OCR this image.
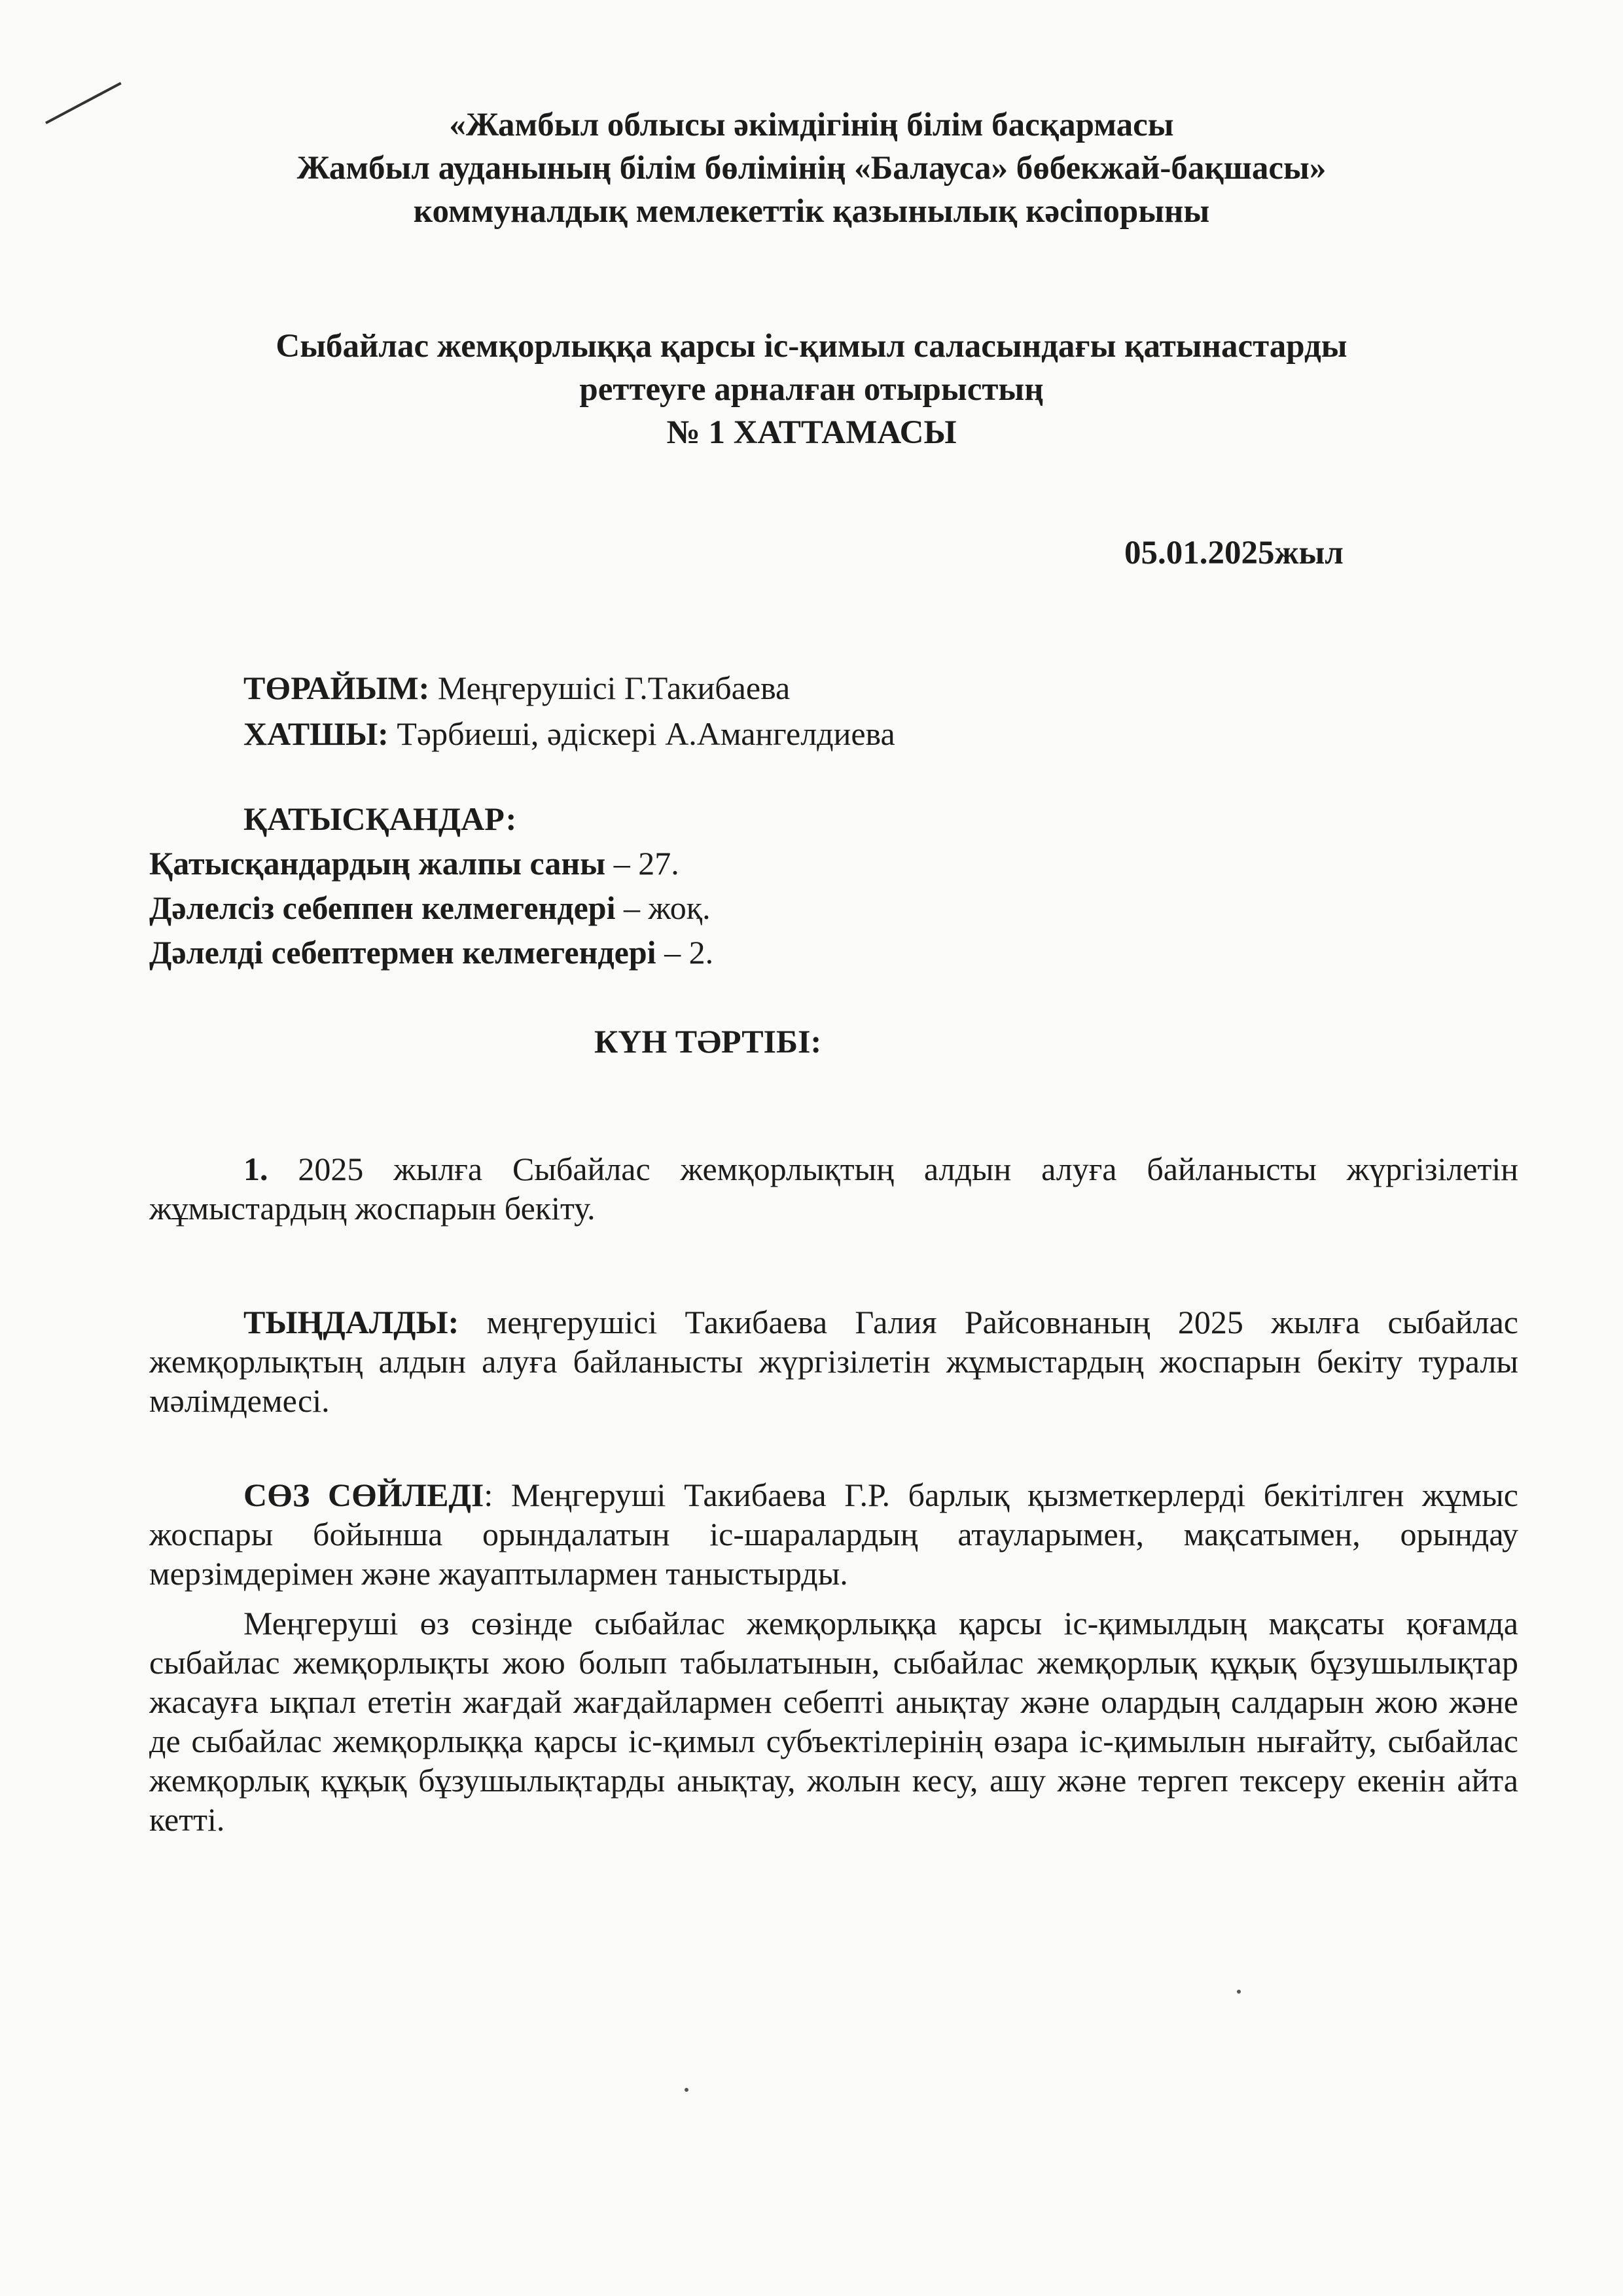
«Жамбыл облысы әкімдігінің білім басқармасы
Жамбыл ауданының білім бөлімінің «Балауса» бөбекжай-бақшасы»
коммуналдық мемлекеттік қазынылық кәсіпорыны
Сыбайлас жемқорлыққа қарсы іс-қимыл саласындағы қатынастарды
реттеуге арналған отырыстың
№ 1 ХАТТАМАСЫ
05.01.2025жыл
ТӨРАЙЫМ: Меңгерушісі Г.Такибаева
ХАТШЫ: Тәрбиеші, әдіскері А.Амангелдиева
ҚАТЫСҚАНДАР:
Қатысқандардың жалпы саны – 27.
Дәлелсіз себеппен келмегендері – жоқ.
Дәлелді себептермен келмегендері – 2.
КҮН ТӘРТІБІ:
1. 2025 жылға Сыбайлас жемқорлықтың алдын алуға байланысты жүргізілетін жұмыстардың жоспарын бекіту.
ТЫҢДАЛДЫ: меңгерушісі Такибаева Галия Райсовнаның 2025 жылға сыбайлас жемқорлықтың алдын алуға байланысты жүргізілетін жұмыстардың жоспарын бекіту туралы мәлімдемесі.
СӨЗ СӨЙЛЕДІ: Меңгеруші Такибаева Г.Р. барлық қызметкерлерді бекітілген жұмыс жоспары бойынша орындалатын іс-шаралардың атауларымен, мақсатымен, орындау мерзімдерімен және жауаптылармен таныстырды.
Меңгеруші өз сөзінде сыбайлас жемқорлыққа қарсы іс-қимылдың мақсаты қоғамда сыбайлас жемқорлықты жою болып табылатынын, сыбайлас жемқорлық құқық бұзушылықтар жасауға ықпал ететін жағдай жағдайлармен себепті анықтау және олардың салдарын жою және де сыбайлас жемқорлыққа қарсы іс-қимыл субъектілерінің өзара іс-қимылын нығайту, сыбайлас жемқорлық құқық бұзушылықтарды анықтау, жолын кесу, ашу және тергеп тексеру екенін айта кетті.
